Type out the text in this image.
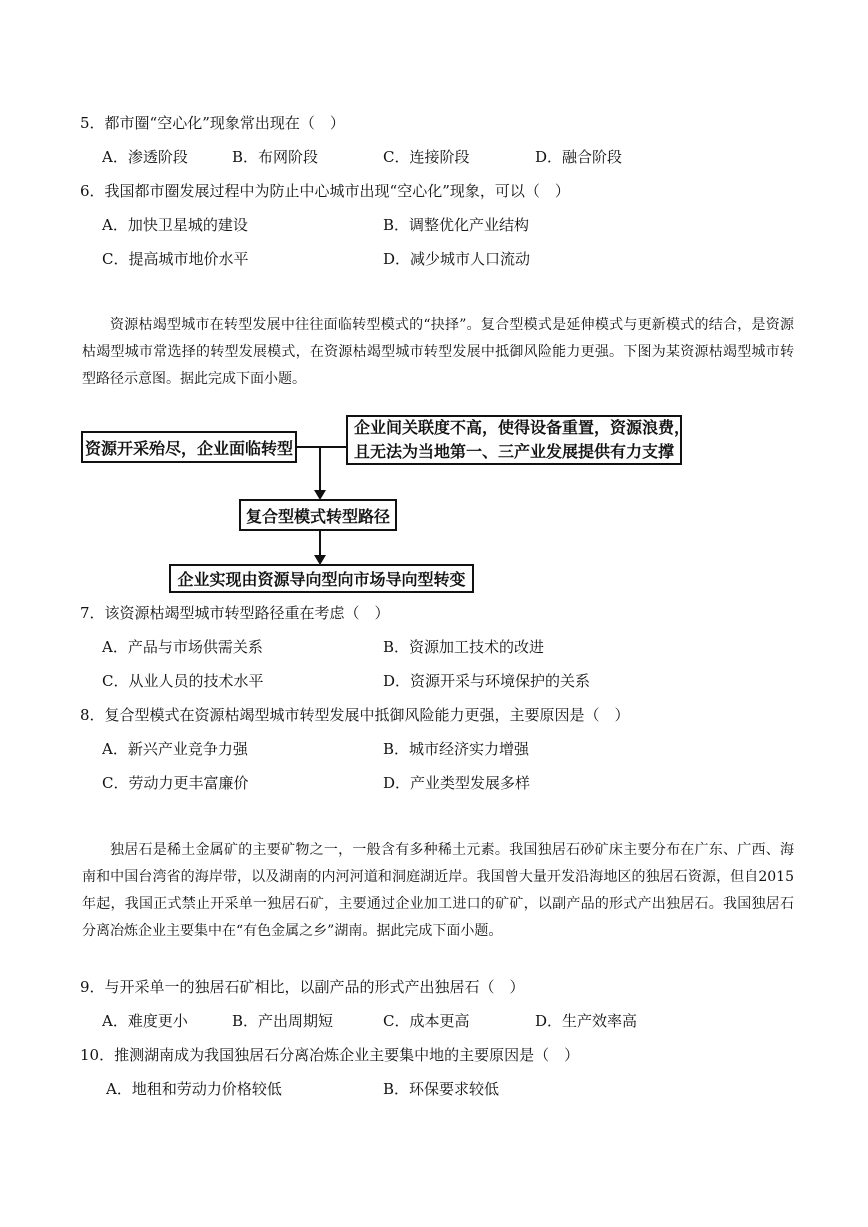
5．都市圈“空心化”现象常出现在（　）
A．渗透阶段	B．布网阶段	C．连接阶段	D．融合阶段
6．我国都市圈发展过程中为防止中心城市出现“空心化”现象，可以（　）
A．加快卫星城的建设	B．调整优化产业结构
C．提高城市地价水平	D．减少城市人口流动

资源枯竭型城市在转型发展中往往面临转型模式的“抉择”。复合型模式是延伸模式与更新模式的结合，是资源枯竭型城市常选择的转型发展模式，在资源枯竭型城市转型发展中抵御风险能力更强。下图为某资源枯竭型城市转型路径示意图。据此完成下面小题。

资源开采殆尽，企业面临转型
企业间关联度不高，使得设备重置，资源浪费，
且无法为当地第一、三产业发展提供有力支撑
复合型模式转型路径
企业实现由资源导向型向市场导向型转变
7．该资源枯竭型城市转型路径重在考虑（　）
A．产品与市场供需关系	B．资源加工技术的改进
C．从业人员的技术水平	D．资源开采与环境保护的关系
8．复合型模式在资源枯竭型城市转型发展中抵御风险能力更强，主要原因是（　）
A．新兴产业竞争力强	B．城市经济实力增强
C．劳动力更丰富廉价	D．产业类型发展多样

独居石是稀土金属矿的主要矿物之一，一般含有多种稀土元素。我国独居石砂矿床主要分布在广东、广西、海南和中国台湾省的海岸带，以及湖南的内河河道和洞庭湖近岸。我国曾大量开发沿海地区的独居石资源，但自2015年起，我国正式禁止开采单一独居石矿，主要通过企业加工进口的矿矿，以副产品的形式产出独居石。我国独居石分离冶炼企业主要集中在“有色金属之乡”湖南。据此完成下面小题。

9．与开采单一的独居石矿相比，以副产品的形式产出独居石（　）
A．难度更小	B．产出周期短	C．成本更高	D．生产效率高
10．推测湖南成为我国独居石分离冶炼企业主要集中地的主要原因是（　）
A．地租和劳动力价格较低	B．环保要求较低
